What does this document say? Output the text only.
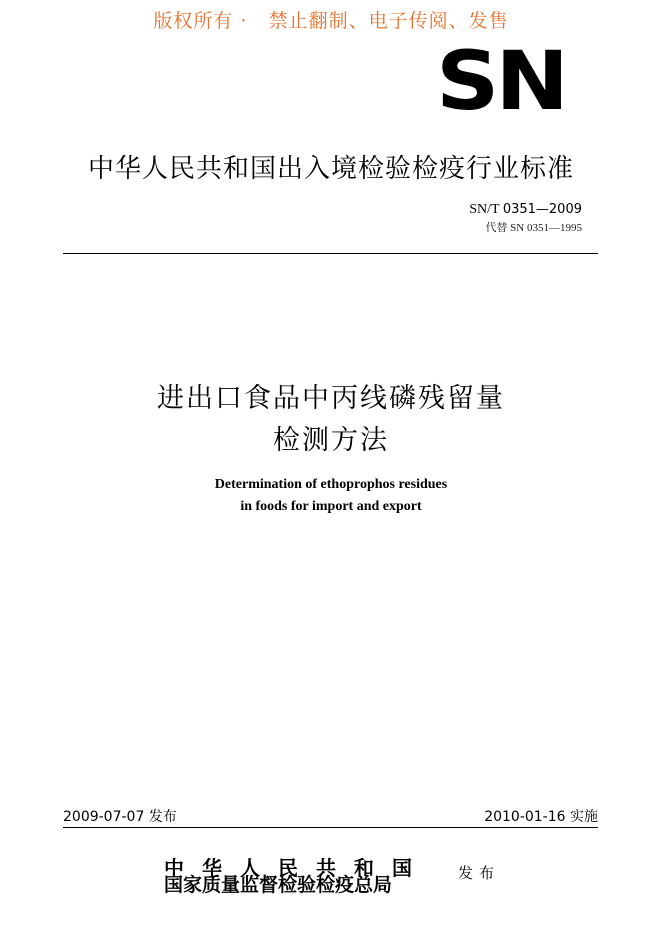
版权所有 ·   禁止翻制、电子传阅、发售
SN
中华人民共和国出入境检验检疫行业标准
SN/T 0351—2009
代替 SN 0351—1995
进出口食品中丙线磷残留量
检测方法
Determination of ethoprophos residues
in foods for import and export
2009-07-07 发布	2010-01-16 实施
中华人民共和国
国家质量监督检验检疫总局
发布
